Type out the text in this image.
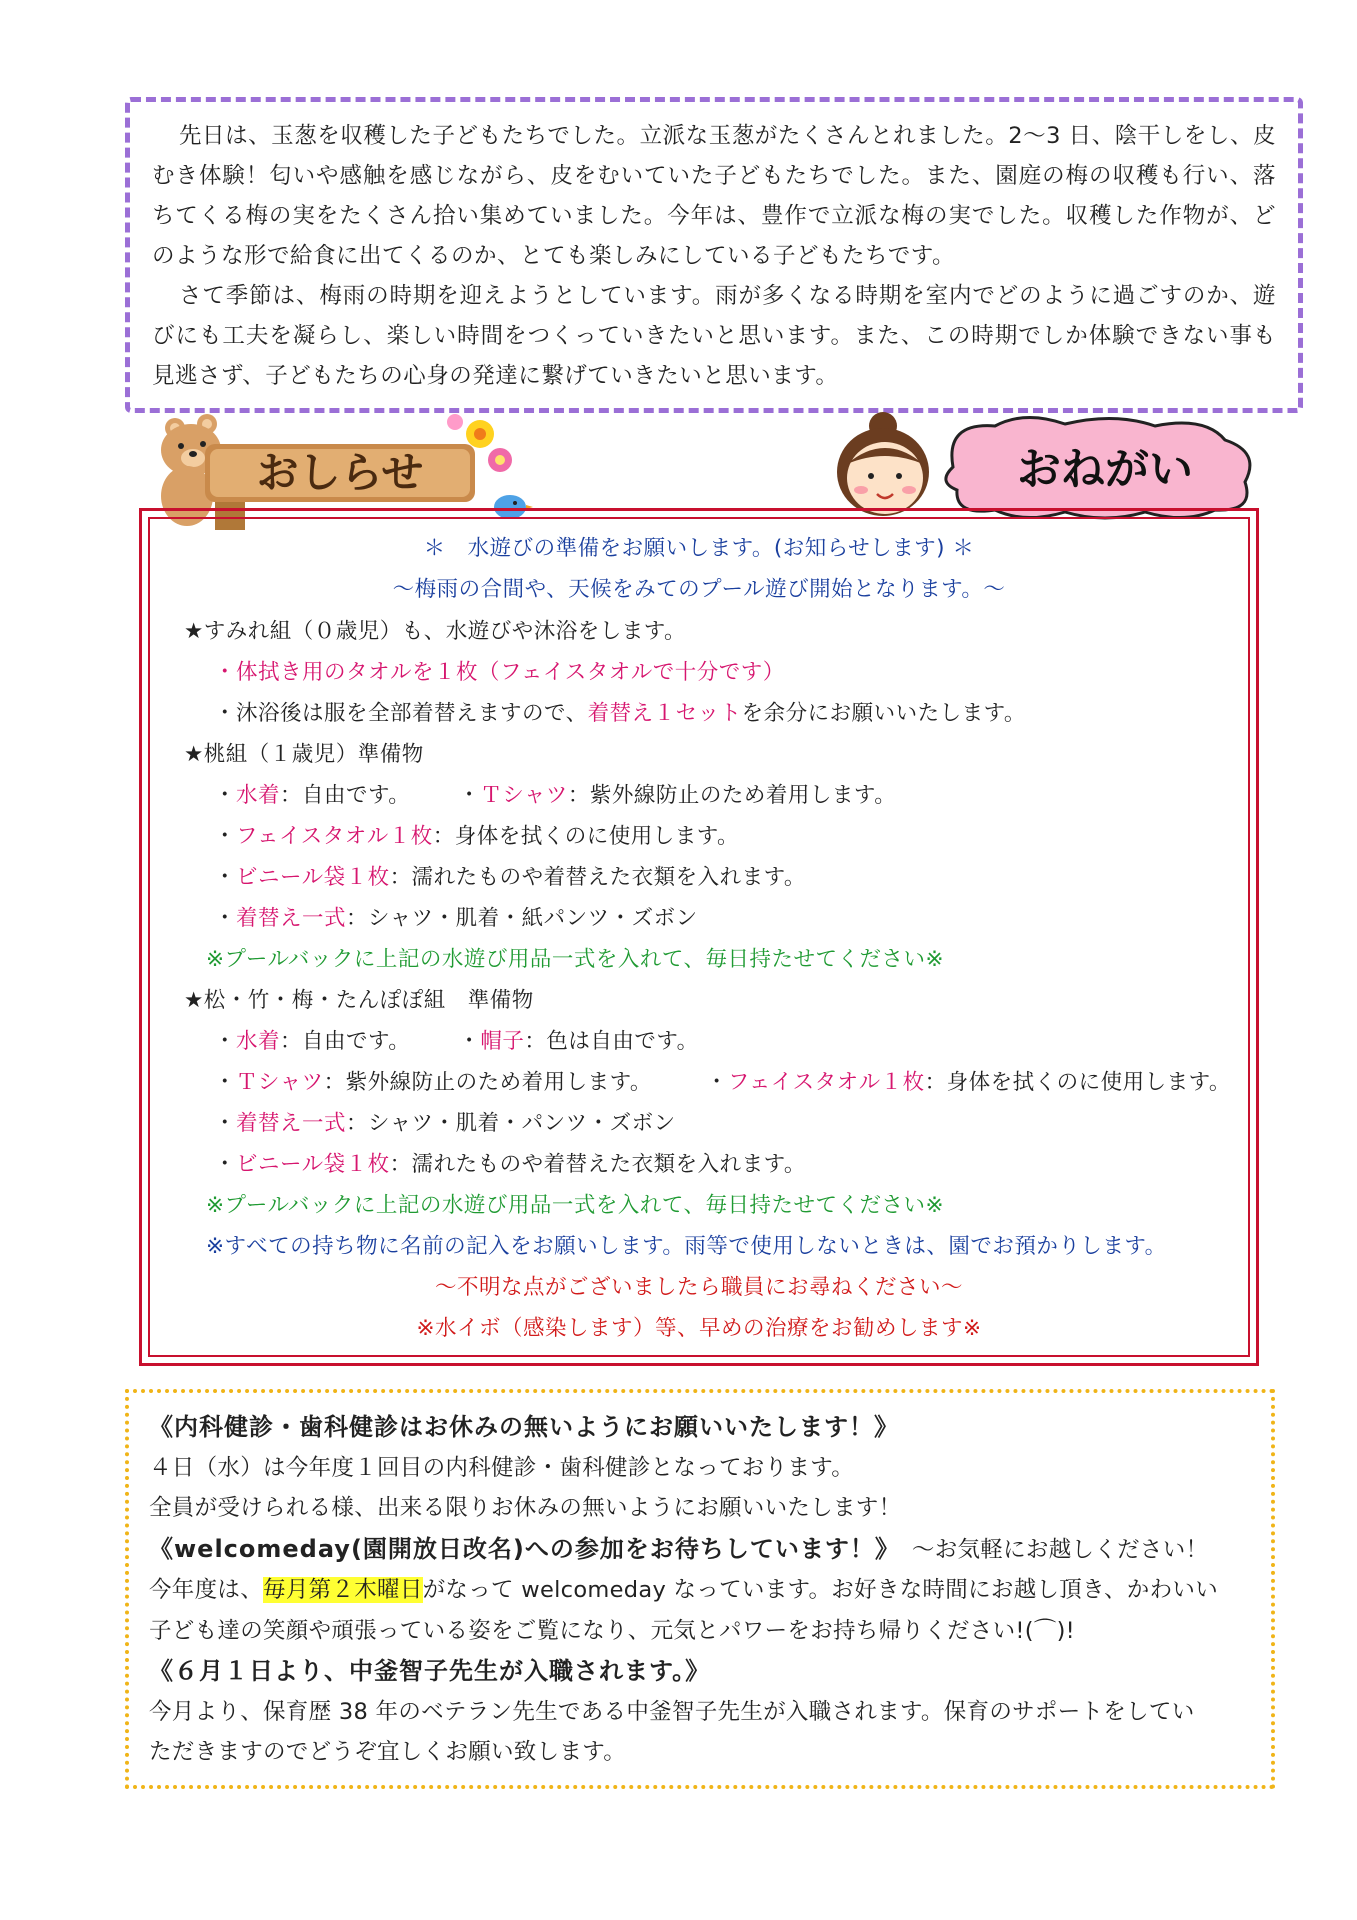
先日は、玉葱を収穫した子どもたちでした。立派な玉葱がたくさんとれました。2〜3 日、陰干しをし、皮むき体験！匂いや感触を感じながら、皮をむいていた子どもたちでした。また、園庭の梅の収穫も行い、落ちてくる梅の実をたくさん拾い集めていました。今年は、豊作で立派な梅の実でした。収穫した作物が、どのような形で給食に出てくるのか、とても楽しみにしている子どもたちです。

さて季節は、梅雨の時期を迎えようとしています。雨が多くなる時期を室内でどのように過ごすのか、遊びにも工夫を凝らし、楽しい時間をつくっていきたいと思います。また、この時期でしか体験できない事も見逃さず、子どもたちの心身の発達に繋げていきたいと思います。

おしらせ	おねがい
＊　水遊びの準備をお願いします。(お知らせします) ＊
〜梅雨の合間や、天候をみてのプール遊び開始となります。〜
★すみれ組（０歳児）も、水遊びや沐浴をします。
・体拭き用のタオルを１枚（フェイスタオルで十分です）
・沐浴後は服を全部着替えますので、着替え１セットを余分にお願いいたします。
★桃組（１歳児）準備物
・水着：自由です。 ・Ｔシャツ：紫外線防止のため着用します。
・フェイスタオル１枚：身体を拭くのに使用します。
・ビニール袋１枚：濡れたものや着替えた衣類を入れます。
・着替え一式：シャツ・肌着・紙パンツ・ズボン
※プールバックに上記の水遊び用品一式を入れて、毎日持たせてください※
★松・竹・梅・たんぽぽ組　準備物
・水着：自由です。 ・帽子：色は自由です。
・Ｔシャツ：紫外線防止のため着用します。	・フェイスタオル１枚：身体を拭くのに使用します。
・着替え一式：シャツ・肌着・パンツ・ズボン
・ビニール袋１枚：濡れたものや着替えた衣類を入れます。
※プールバックに上記の水遊び用品一式を入れて、毎日持たせてください※
※すべての持ち物に名前の記入をお願いします。雨等で使用しないときは、園でお預かりします。
〜不明な点がございましたら職員にお尋ねください〜
※水イボ（感染します）等、早めの治療をお勧めします※
《内科健診・歯科健診はお休みの無いようにお願いいたします！》
４日（水）は今年度１回目の内科健診・歯科健診となっております。
全員が受けられる様、出来る限りお休みの無いようにお願いいたします！
《welcomeday(園開放日改名)への参加をお待ちしています！》 〜お気軽にお越しください！
今年度は、毎月第２木曜日がなって welcomeday なっています。お好きな時間にお越し頂き、かわいい
子ども達の笑顔や頑張っている姿をご覧になり、元気とパワーをお持ち帰りください!(⌒)!
《６月１日より、中釜智子先生が入職されます。》
今月より、保育歴 38 年のベテラン先生である中釜智子先生が入職されます。保育のサポートをしてい
ただきますのでどうぞ宜しくお願い致します。
